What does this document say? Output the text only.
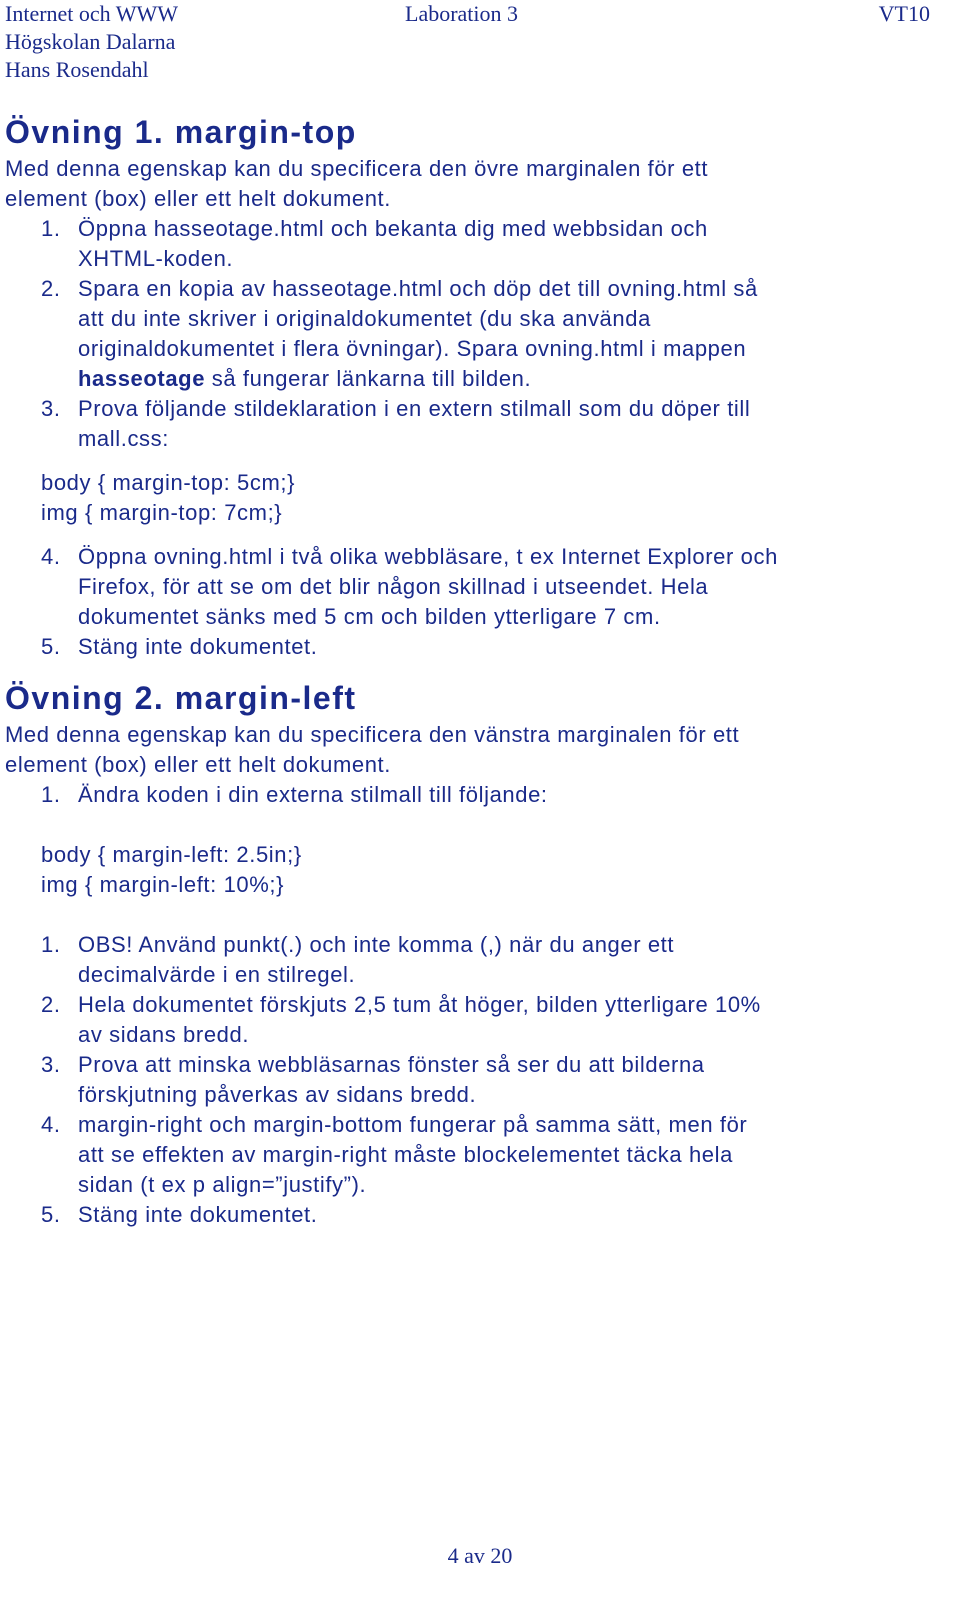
Internet och WWW	Laboration 3	VT10
Högskolan Dalarna
Hans Rosendahl
Övning 1. margin-top

Med denna egenskap kan du specificera den övre marginalen för ett

element (box) eller ett helt dokument.

1. Öppna hasseotage.html och bekanta dig med webbsidan och
XHTML-koden.
2. Spara en kopia av hasseotage.html och döp det till ovning.html så
att du inte skriver i originaldokumentet (du ska använda
originaldokumentet i flera övningar). Spara ovning.html i mappen
hasseotage så fungerar länkarna till bilden.
3. Prova följande stildeklaration i en extern stilmall som du döper till
mall.css:
body { margin-top: 5cm;}
img { margin-top: 7cm;}
4. Öppna ovning.html i två olika webbläsare, t ex Internet Explorer och
Firefox, för att se om det blir någon skillnad i utseendet. Hela
dokumentet sänks med 5 cm och bilden ytterligare 7 cm.
5. Stäng inte dokumentet.
Övning 2. margin-left

Med denna egenskap kan du specificera den vänstra marginalen för ett

element (box) eller ett helt dokument.

1. Ändra koden i din externa stilmall till följande:
body { margin-left: 2.5in;}
img { margin-left: 10%;}
1. OBS! Använd punkt(.) och inte komma (,) när du anger ett
decimalvärde i en stilregel.
2. Hela dokumentet förskjuts 2,5 tum åt höger, bilden ytterligare 10%
av sidans bredd.
3. Prova att minska webbläsarnas fönster så ser du att bilderna
förskjutning påverkas av sidans bredd.
4. margin-right och margin-bottom fungerar på samma sätt, men för
att se effekten av margin-right måste blockelementet täcka hela
sidan (t ex p align=”justify”).
5. Stäng inte dokumentet.
4 av 20
